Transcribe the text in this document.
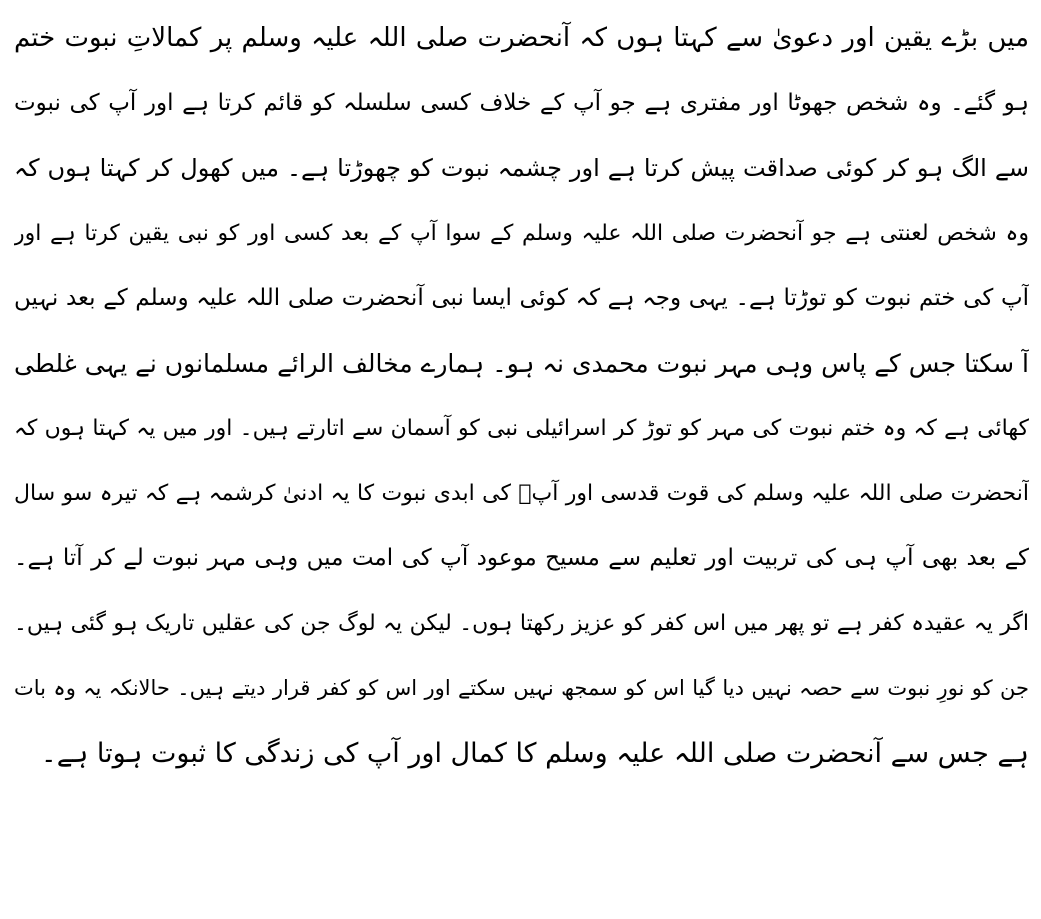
میں بڑے یقین اور دعویٰ سے کہتا ہوں کہ آنحضرت صلی اللہ علیہ وسلم پر کمالاتِ نبوت ختم
ہو گئے۔ وہ شخص جھوٹا اور مفتری ہے جو آپ کے خلاف کسی سلسلہ کو قائم کرتا ہے اور آپ کی نبوت
سے الگ ہو کر کوئی صداقت پیش کرتا ہے اور چشمہ نبوت کو چھوڑتا ہے۔ میں کھول کر کہتا ہوں کہ
وہ شخص لعنتی ہے جو آنحضرت صلی اللہ علیہ وسلم کے سوا آپ کے بعد کسی اور کو نبی یقین کرتا ہے اور
آپ کی ختم نبوت کو توڑتا ہے۔ یہی وجہ ہے کہ کوئی ایسا نبی آنحضرت صلی اللہ علیہ وسلم کے بعد نہیں
آ سکتا جس کے پاس وہی مہر نبوت محمدی نہ ہو۔ ہمارے مخالف الرائے مسلمانوں نے یہی غلطی
کھائی ہے کہ وہ ختم نبوت کی مہر کو توڑ کر اسرائیلی نبی کو آسمان سے اتارتے ہیں۔ اور میں یہ کہتا ہوں کہ
آنحضرت صلی اللہ علیہ وسلم کی قوت قدسی اور آپؐ کی ابدی نبوت کا یہ ادنیٰ کرشمہ ہے کہ تیرہ سو سال
کے بعد بھی آپ ہی کی تربیت اور تعلیم سے مسیح موعود آپ کی امت میں وہی مہر نبوت لے کر آتا ہے۔
اگر یہ عقیدہ کفر ہے تو پھر میں اس کفر کو عزیز رکھتا ہوں۔ لیکن یہ لوگ جن کی عقلیں تاریک ہو گئی ہیں۔
جن کو نورِ نبوت سے حصہ نہیں دیا گیا اس کو سمجھ نہیں سکتے اور اس کو کفر قرار دیتے ہیں۔ حالانکہ یہ وہ بات
ہے جس سے آنحضرت صلی اللہ علیہ وسلم کا کمال اور آپ کی زندگی کا ثبوت ہوتا ہے۔
